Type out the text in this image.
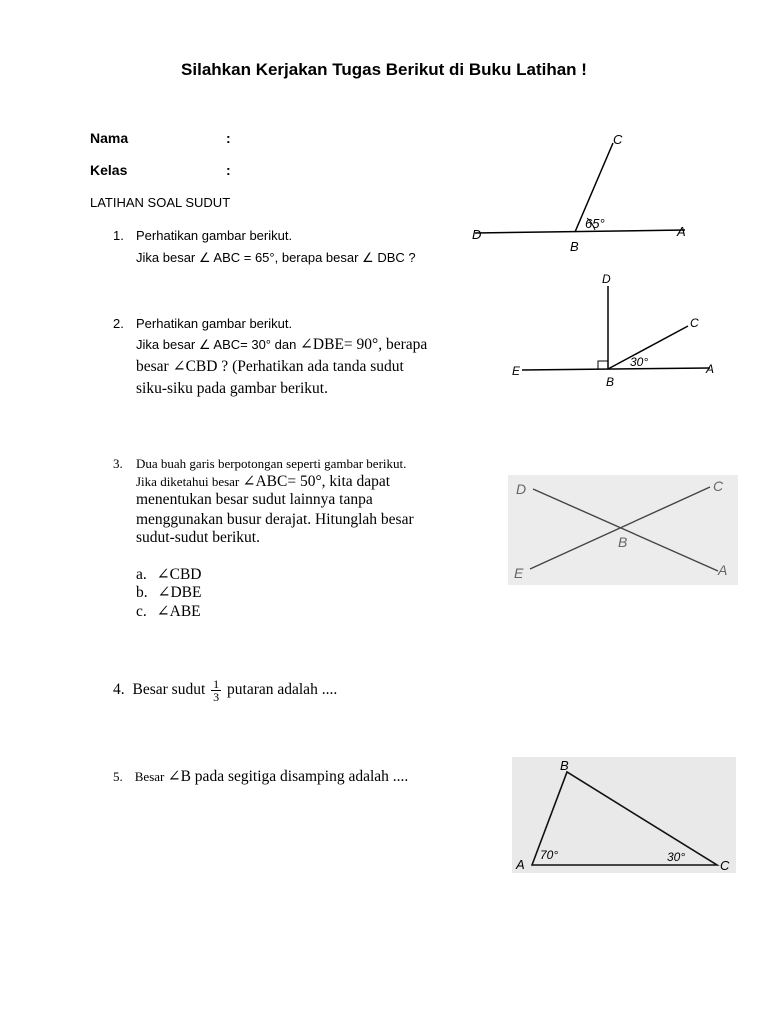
Silahkan Kerjakan Tugas Berikut di Buku Latihan !
Nama	:
Kelas	:
LATIHAN SOAL SUDUT
1. Perhatikan gambar berikut.
Jika besar ∠ ABC = 65°, berapa besar ∠ DBC ?
C
D	A
B
65°
2. Perhatikan gambar berikut.
Jika besar ∠ ABC= 30° dan ∠DBE= 90°, berapa
besar ∠CBD ? (Perhatikan ada tanda sudut
siku-siku pada gambar berikut.
D
C
E	A
B
30°
3. Dua buah garis berpotongan seperti gambar berikut.
Jika diketahui besar ∠ABC= 50°, kita dapat
menentukan besar sudut lainnya tanpa
menggunakan busur derajat. Hitunglah besar
sudut-sudut berikut.
a. ∠CBD
b. ∠DBE
c. ∠ABE
D	C
E	A
B
4. Besar sudut $\frac{1}{3}$ putaran adalah ....
5. Besar ∠B pada segitiga disamping adalah ....
B
A	C
70°	30°
